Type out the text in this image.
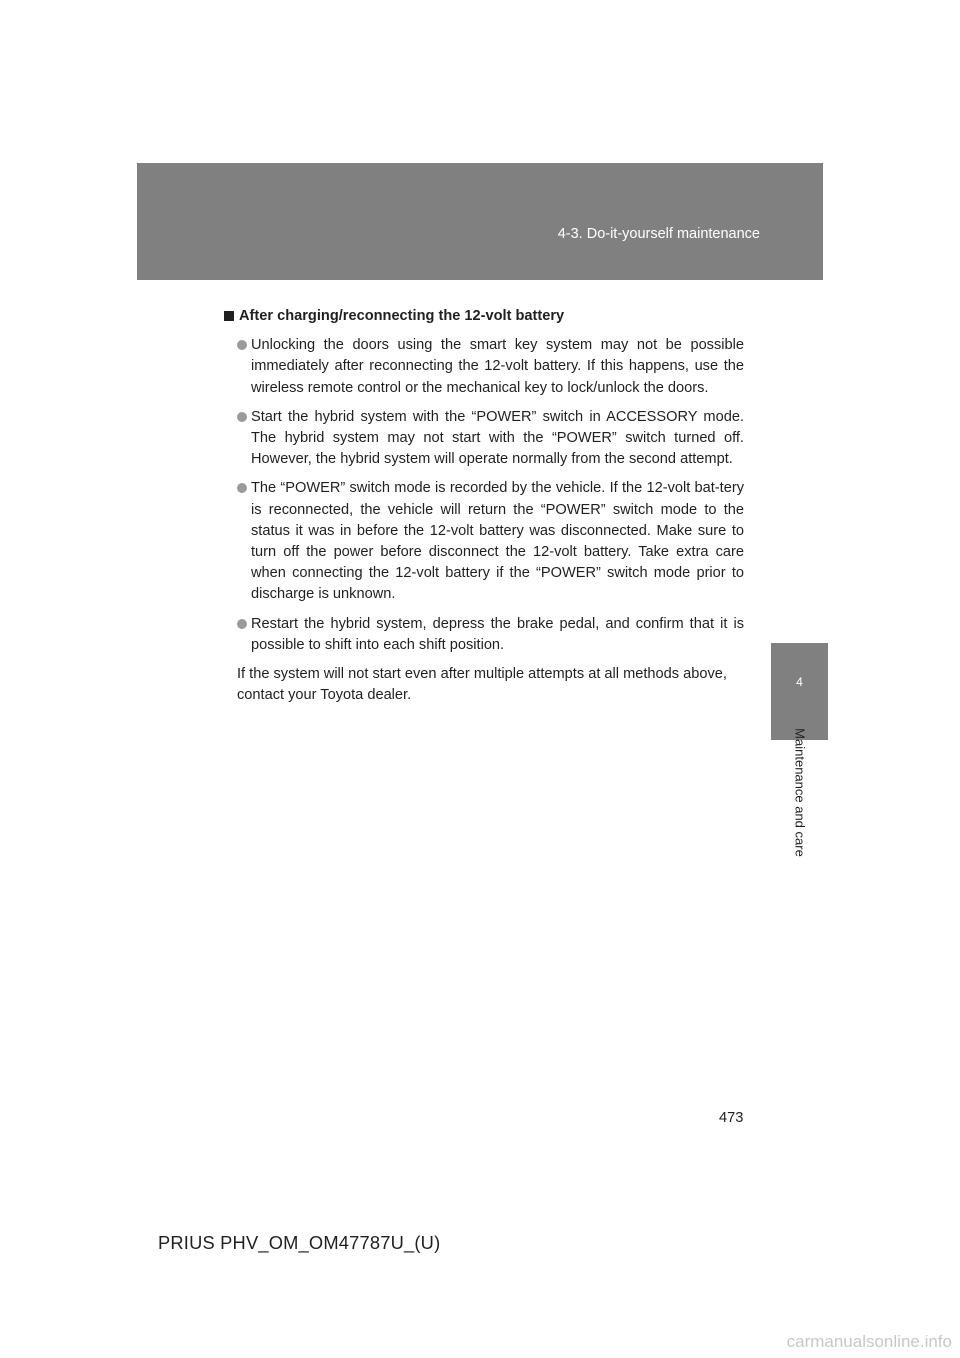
4-3. Do-it-yourself maintenance
4
Maintenance and care
After charging/reconnecting the 12-volt battery
Unlocking the doors using the smart key system may not be possible immediately after reconnecting the 12-volt battery. If this happens, use the wireless remote control or the mechanical key to lock/unlock the doors.
Start the hybrid system with the “POWER” switch in ACCESSORY mode. The hybrid system may not start with the “POWER” switch turned off. However, the hybrid system will operate normally from the second attempt.
The “POWER” switch mode is recorded by the vehicle. If the 12-volt bat-tery is reconnected, the vehicle will return the “POWER” switch mode to the status it was in before the 12-volt battery was disconnected. Make sure to turn off the power before disconnect the 12-volt battery. Take extra care when connecting the 12-volt battery if the “POWER” switch mode prior to discharge is unknown.
Restart the hybrid system, depress the brake pedal, and confirm that it is possible to shift into each shift position.

If the system will not start even after multiple attempts at all methods above, contact your Toyota dealer.

473
PRIUS PHV_OM_OM47787U_(U)
carmanualsonline.info
